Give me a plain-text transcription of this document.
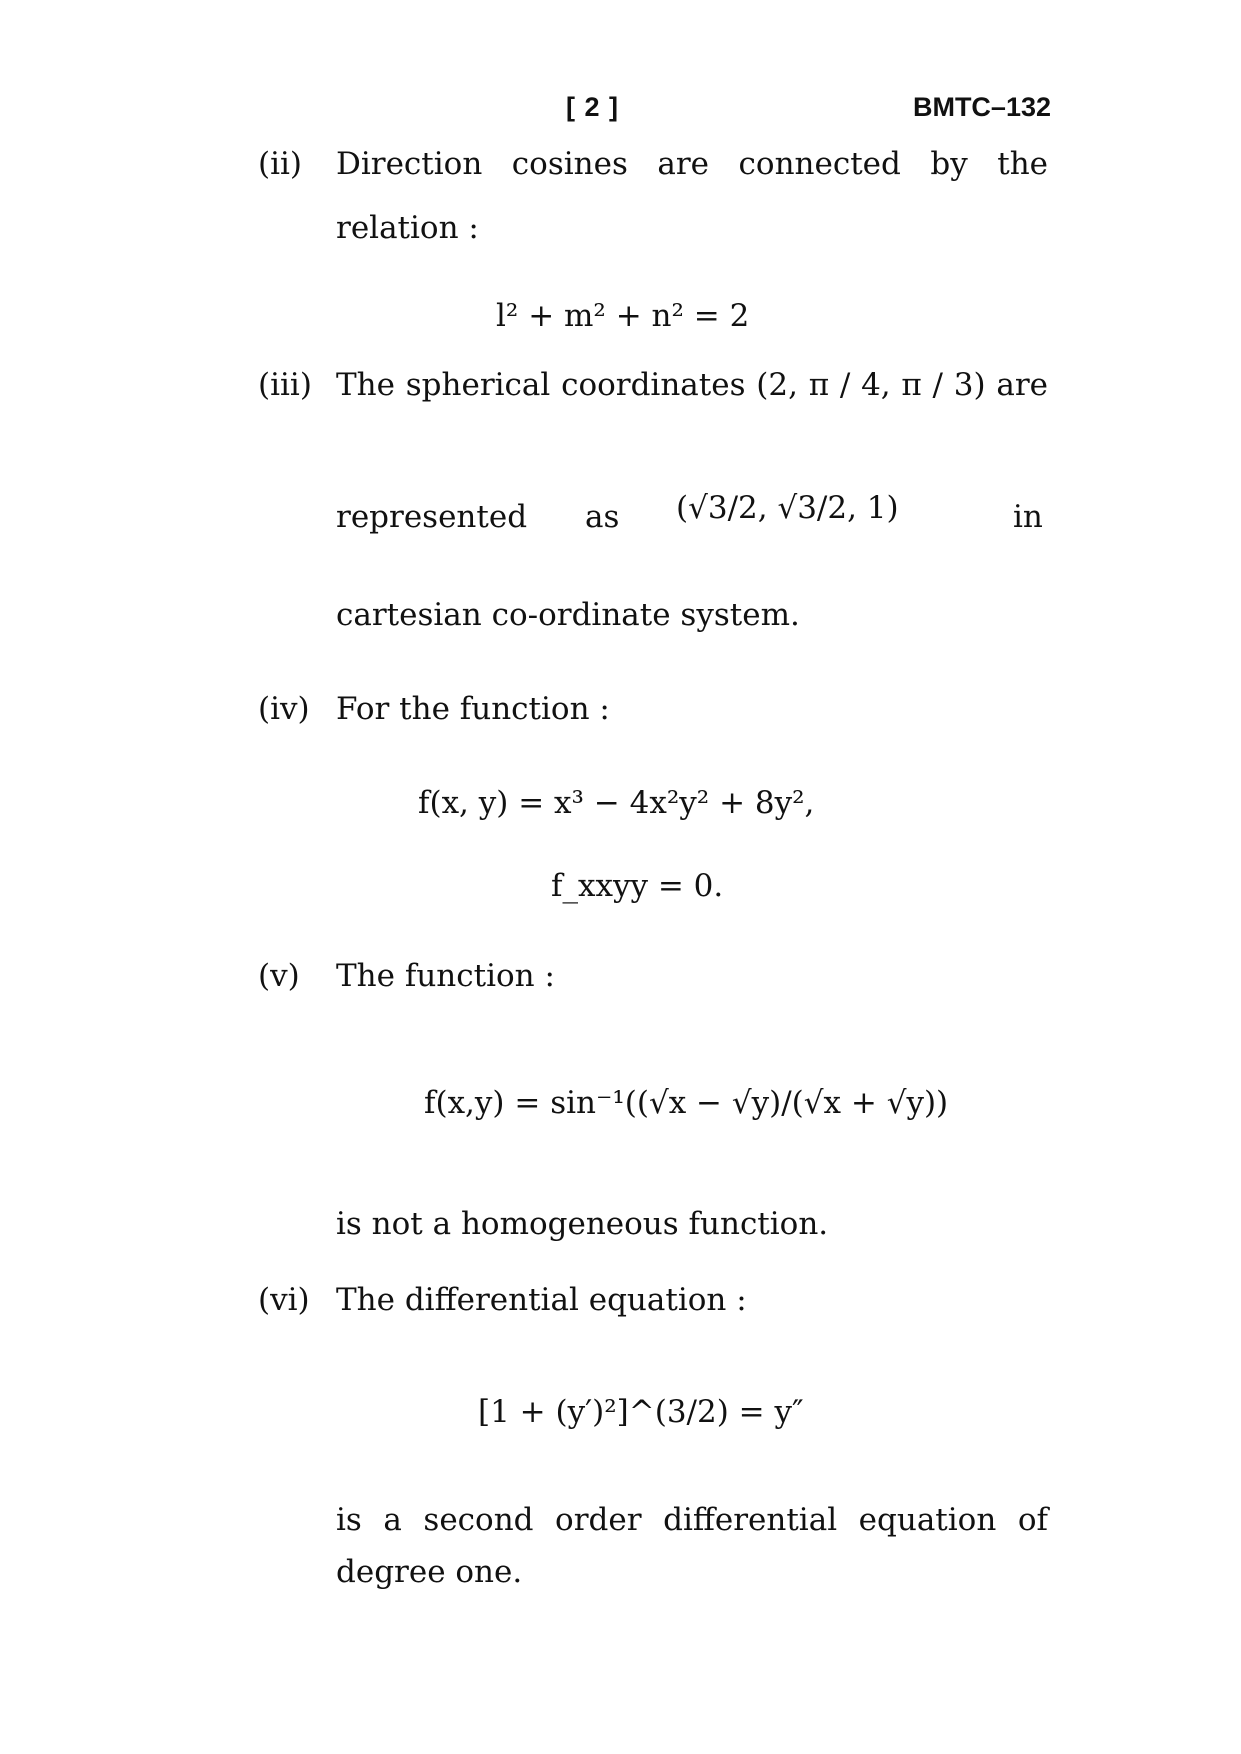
[ 2 ]	BMTC–132
(ii)	Direction cosines are connected by the
relation :
l² + m² + n² = 2
(iii) The spherical coordinates (2, π / 4, π / 3) are
represented as (√3/2, √3/2, 1)	in
cartesian co-ordinate system.
(iv) For the function :
f(x, y) = x³ − 4x²y² + 8y²,
f_xxyy = 0.
(v)	The function :
f(x,y) = sin⁻¹((√x − √y)/(√x + √y))
is not a homogeneous function.
(vi) The differential equation :
[1 + (y′)²]^(3/2) = y″
is a second order differential equation of
degree one.
